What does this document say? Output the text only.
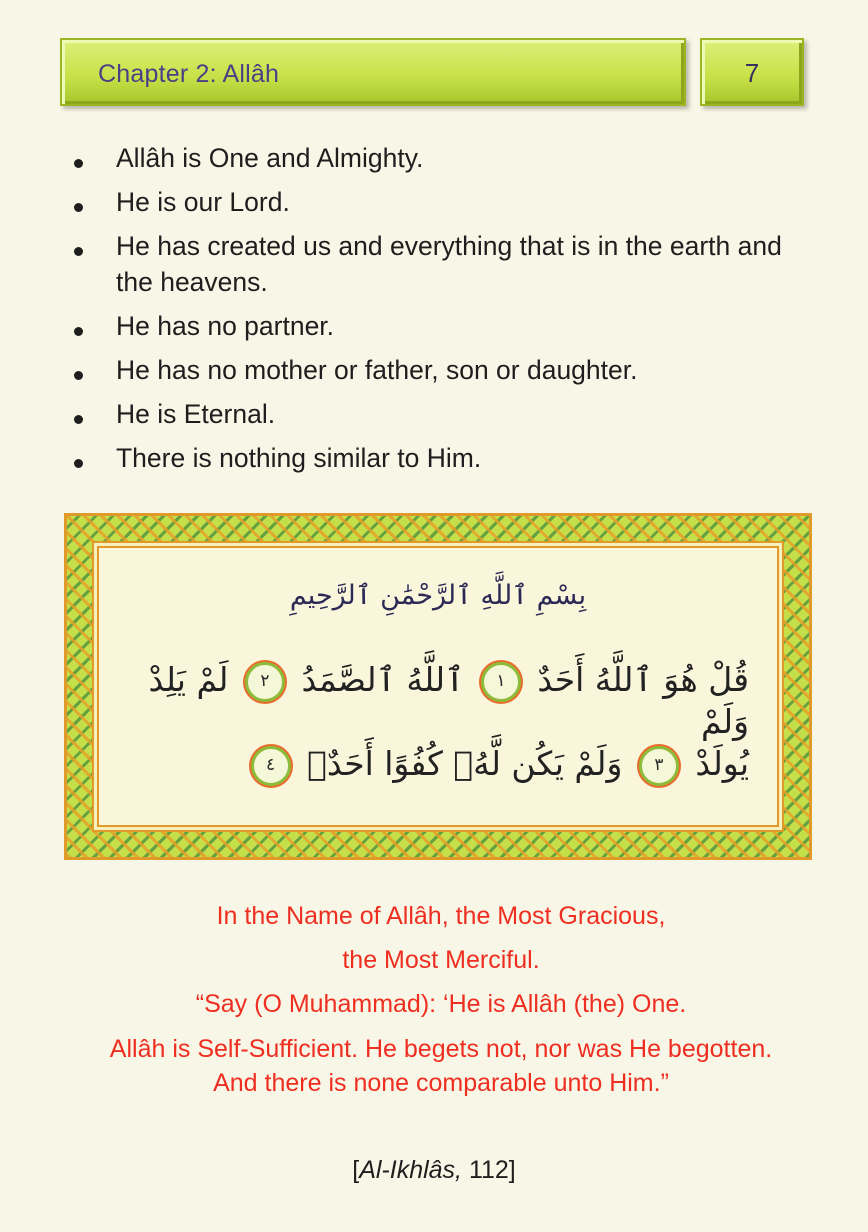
Chapter 2: Allâh	7
Allâh is One and Almighty.
He is our Lord.
He has created us and everything that is in the earth and the heavens.
He has no partner.
He has no mother or father, son or daughter.
He is Eternal.
There is nothing similar to Him.
بِسْمِ ٱللَّهِ ٱلرَّحْمَٰنِ ٱلرَّحِيمِ
قُلْ هُوَ ٱللَّهُ أَحَدٌ ١ ٱللَّهُ ٱلصَّمَدُ ٢ لَمْ يَلِدْ وَلَمْ
يُولَدْ ٣ وَلَمْ يَكُن لَّهُۥ كُفُوًا أَحَدٌۢ ٤

In the Name of Allâh, the Most Gracious,

the Most Merciful.

“Say (O Muhammad): ‘He is Allâh (the) One.

Allâh is Self-Sufficient. He begets not, nor was He begotten. And there is none comparable unto Him.”

[Al-Ikhlâs, 112]
